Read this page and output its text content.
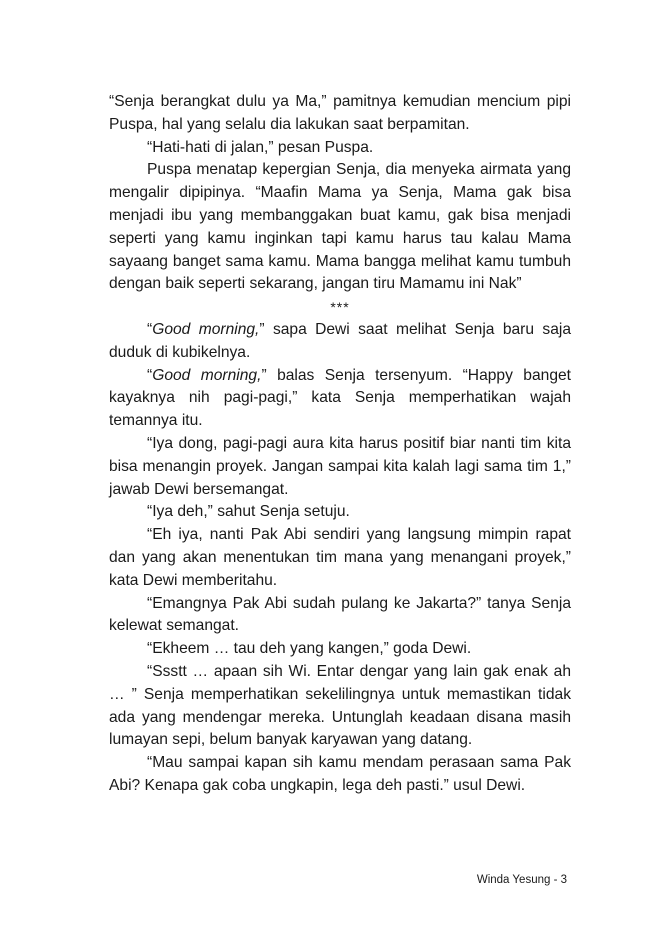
“Senja berangkat dulu ya Ma,” pamitnya kemudian mencium pipi Puspa, hal yang selalu dia lakukan saat berpamitan.

“Hati-hati di jalan,” pesan Puspa.

Puspa menatap kepergian Senja, dia menyeka airmata yang mengalir dipipinya. “Maafin Mama ya Senja, Mama gak bisa menjadi ibu yang membanggakan buat kamu, gak bisa menjadi seperti yang kamu inginkan tapi kamu harus tau kalau Mama sayaang banget sama kamu. Mama bangga melihat kamu tumbuh dengan baik seperti sekarang, jangan tiru Mamamu ini Nak”

***

“Good morning,” sapa Dewi saat melihat Senja baru saja duduk di kubikelnya.

“Good morning,” balas Senja tersenyum. “Happy banget kayaknya nih pagi-pagi,” kata Senja memperhatikan wajah temannya itu.

“Iya dong, pagi-pagi aura kita harus positif biar nanti tim kita bisa menangin proyek. Jangan sampai kita kalah lagi sama tim 1,” jawab Dewi bersemangat.

“Iya deh,” sahut Senja setuju.

“Eh iya, nanti Pak Abi sendiri yang langsung mimpin rapat dan yang akan menentukan tim mana yang menangani proyek,” kata Dewi memberitahu.

“Emangnya Pak Abi sudah pulang ke Jakarta?” tanya Senja kelewat semangat.

“Ekheem … tau deh yang kangen,” goda Dewi.

“Ssstt … apaan sih Wi. Entar dengar yang lain gak enak ah … ” Senja memperhatikan sekelilingnya untuk memastikan tidak ada yang mendengar mereka. Untunglah keadaan disana masih lumayan sepi, belum banyak karyawan yang datang.

“Mau sampai kapan sih kamu mendam perasaan sama Pak Abi? Kenapa gak coba ungkapin, lega deh pasti.” usul Dewi.

Winda Yesung - 3
